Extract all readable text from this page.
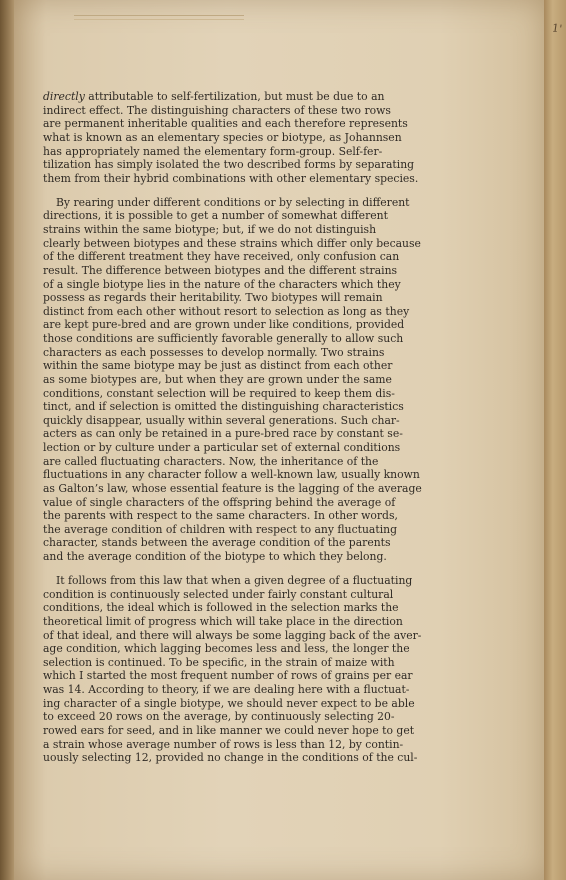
1'

directly attributable to self-fertilization, but must be due to an
indirect effect. The distinguishing characters of these two rows
are permanent inheritable qualities and each therefore represents
what is known as an elementary species or biotype, as Johannsen
has appropriately named the elementary form-group. Self-fer-
tilization has simply isolated the two described forms by separating
them from their hybrid combinations with other elementary species.

By rearing under different conditions or by selecting in different
directions, it is possible to get a number of somewhat different
strains within the same biotype; but, if we do not distinguish
clearly between biotypes and these strains which differ only because
of the different treatment they have received, only confusion can
result. The difference between biotypes and the different strains
of a single biotype lies in the nature of the characters which they
possess as regards their heritability. Two biotypes will remain
distinct from each other without resort to selection as long as they
are kept pure-bred and are grown under like conditions, provided
those conditions are sufficiently favorable generally to allow such
characters as each possesses to develop normally. Two strains
within the same biotype may be just as distinct from each other
as some biotypes are, but when they are grown under the same
conditions, constant selection will be required to keep them dis-
tinct, and if selection is omitted the distinguishing characteristics
quickly disappear, usually within several generations. Such char-
acters as can only be retained in a pure-bred race by constant se-
lection or by culture under a particular set of external conditions
are called fluctuating characters. Now, the inheritance of the
fluctuations in any character follow a well-known law, usually known
as Galton’s law, whose essential feature is the lagging of the average
value of single characters of the offspring behind the average of
the parents with respect to the same characters. In other words,
the average condition of children with respect to any fluctuating
character, stands between the average condition of the parents
and the average condition of the biotype to which they belong.

It follows from this law that when a given degree of a fluctuating
condition is continuously selected under fairly constant cultural
conditions, the ideal which is followed in the selection marks the
theoretical limit of progress which will take place in the direction
of that ideal, and there will always be some lagging back of the aver-
age condition, which lagging becomes less and less, the longer the
selection is continued. To be specific, in the strain of maize with
which I started the most frequent number of rows of grains per ear
was 14. According to theory, if we are dealing here with a fluctuat-
ing character of a single biotype, we should never expect to be able
to exceed 20 rows on the average, by continuously selecting 20-
rowed ears for seed, and in like manner we could never hope to get
a strain whose average number of rows is less than 12, by contin-
uously selecting 12, provided no change in the conditions of the cul-
